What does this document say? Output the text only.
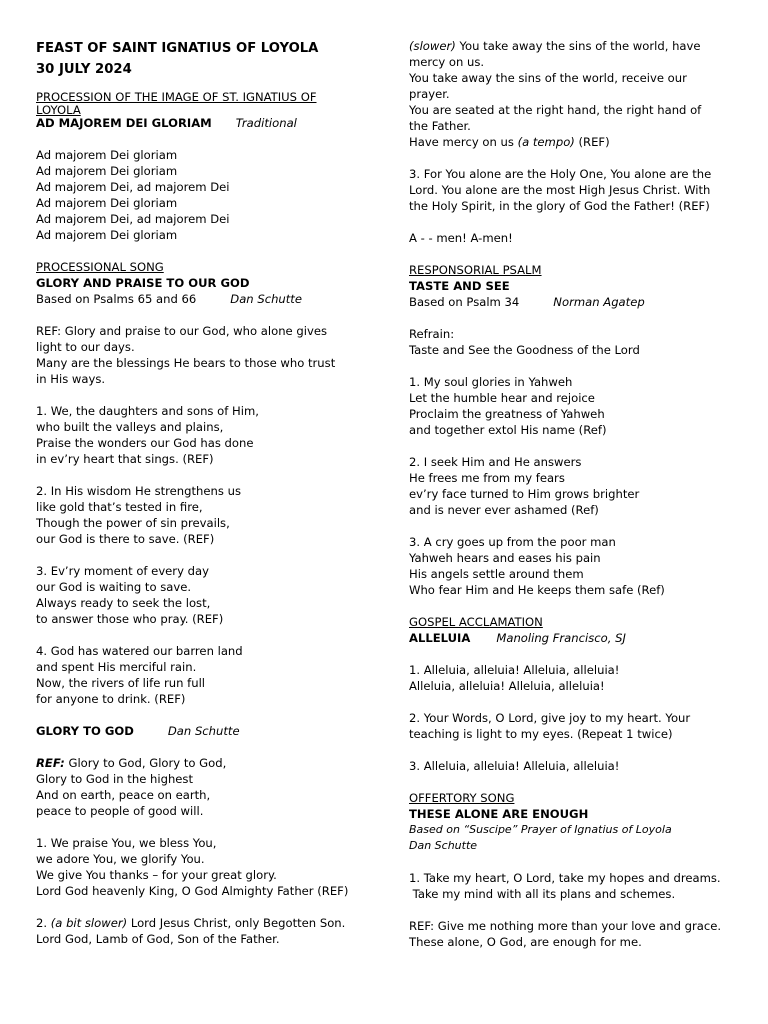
FEAST OF SAINT IGNATIUS OF LOYOLA
30 JULY 2024
PROCESSION OF THE IMAGE OF ST. IGNATIUS OF
LOYOLA
AD MAJOREM DEI GLORIAM Traditional
Ad majorem Dei gloriam
Ad majorem Dei gloriam
Ad majorem Dei, ad majorem Dei
Ad majorem Dei gloriam
Ad majorem Dei, ad majorem Dei
Ad majorem Dei gloriam
PROCESSIONAL SONG
GLORY AND PRAISE TO OUR GOD
Based on Psalms 65 and 66	Dan Schutte
REF: Glory and praise to our God, who alone gives
light to our days.
Many are the blessings He bears to those who trust
in His ways.
1. We, the daughters and sons of Him,
who built the valleys and plains,
Praise the wonders our God has done
in ev’ry heart that sings. (REF)
2. In His wisdom He strengthens us
like gold that’s tested in fire,
Though the power of sin prevails,
our God is there to save. (REF)
3. Ev’ry moment of every day
our God is waiting to save.
Always ready to seek the lost,
to answer those who pray. (REF)
4. God has watered our barren land
and spent His merciful rain.
Now, the rivers of life run full
for anyone to drink. (REF)
GLORY TO GOD	Dan Schutte
REF: Glory to God, Glory to God,
Glory to God in the highest
And on earth, peace on earth,
peace to people of good will.
1. We praise You, we bless You,
we adore You, we glorify You.
We give You thanks – for your great glory.
Lord God heavenly King, O God Almighty Father (REF)
2. (a bit slower) Lord Jesus Christ, only Begotten Son.
Lord God, Lamb of God, Son of the Father.
(slower) You take away the sins of the world, have
mercy on us.
You take away the sins of the world, receive our
prayer.
You are seated at the right hand, the right hand of
the Father.
Have mercy on us (a tempo) (REF)
3. For You alone are the Holy One, You alone are the
Lord. You alone are the most High Jesus Christ. With
the Holy Spirit, in the glory of God the Father! (REF)
A - - men! A-men!
RESPONSORIAL PSALM
TASTE AND SEE
Based on Psalm 34	Norman Agatep
Refrain:
Taste and See the Goodness of the Lord
1. My soul glories in Yahweh
Let the humble hear and rejoice
Proclaim the greatness of Yahweh
and together extol His name (Ref)
2. I seek Him and He answers
He frees me from my fears
ev’ry face turned to Him grows brighter
and is never ever ashamed (Ref)
3. A cry goes up from the poor man
Yahweh hears and eases his pain
His angels settle around them
Who fear Him and He keeps them safe (Ref)
GOSPEL ACCLAMATION
ALLELUIA Manoling Francisco, SJ
1. Alleluia, alleluia! Alleluia, alleluia!
Alleluia, alleluia! Alleluia, alleluia!
2. Your Words, O Lord, give joy to my heart. Your
teaching is light to my eyes. (Repeat 1 twice)
3. Alleluia, alleluia! Alleluia, alleluia!
OFFERTORY SONG
THESE ALONE ARE ENOUGH
Based on “Suscipe” Prayer of Ignatius of Loyola
Dan Schutte
1. Take my heart, O Lord, take my hopes and dreams.
Take my mind with all its plans and schemes.
REF: Give me nothing more than your love and grace.
These alone, O God, are enough for me.
